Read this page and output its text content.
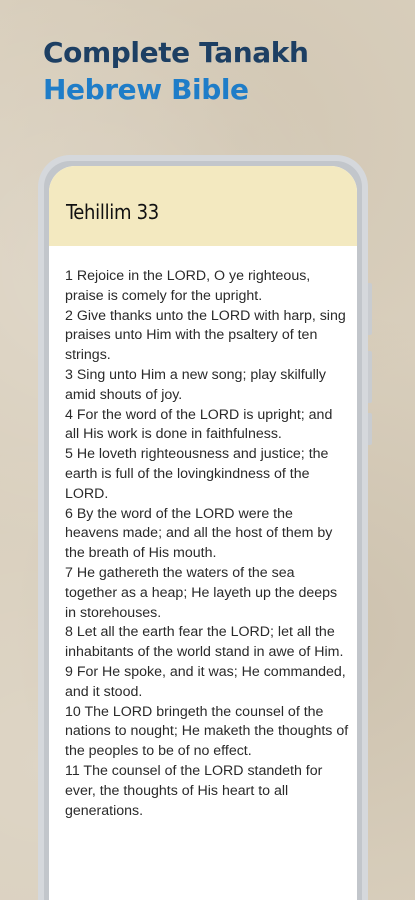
Complete Tanakh
Hebrew Bible
Tehillim 33

1 Rejoice in the LORD, O ye righteous, praise is comely for the upright.

2 Give thanks unto the LORD with harp, sing praises unto Him with the psaltery of ten strings.

3 Sing unto Him a new song; play skilfully amid shouts of joy.

4 For the word of the LORD is upright; and all His work is done in faithfulness.

5 He loveth righteousness and justice; the earth is full of the lovingkindness of the LORD.

6 By the word of the LORD were the heavens made; and all the host of them by the breath of His mouth.

7 He gathereth the waters of the sea together as a heap; He layeth up the deeps in storehouses.

8 Let all the earth fear the LORD; let all the inhabitants of the world stand in awe of Him.

9 For He spoke, and it was; He commanded, and it stood.

10 The LORD bringeth the counsel of the nations to nought; He maketh the thoughts of the peoples to be of no effect.

11 The counsel of the LORD standeth for ever, the thoughts of His heart to all generations.
